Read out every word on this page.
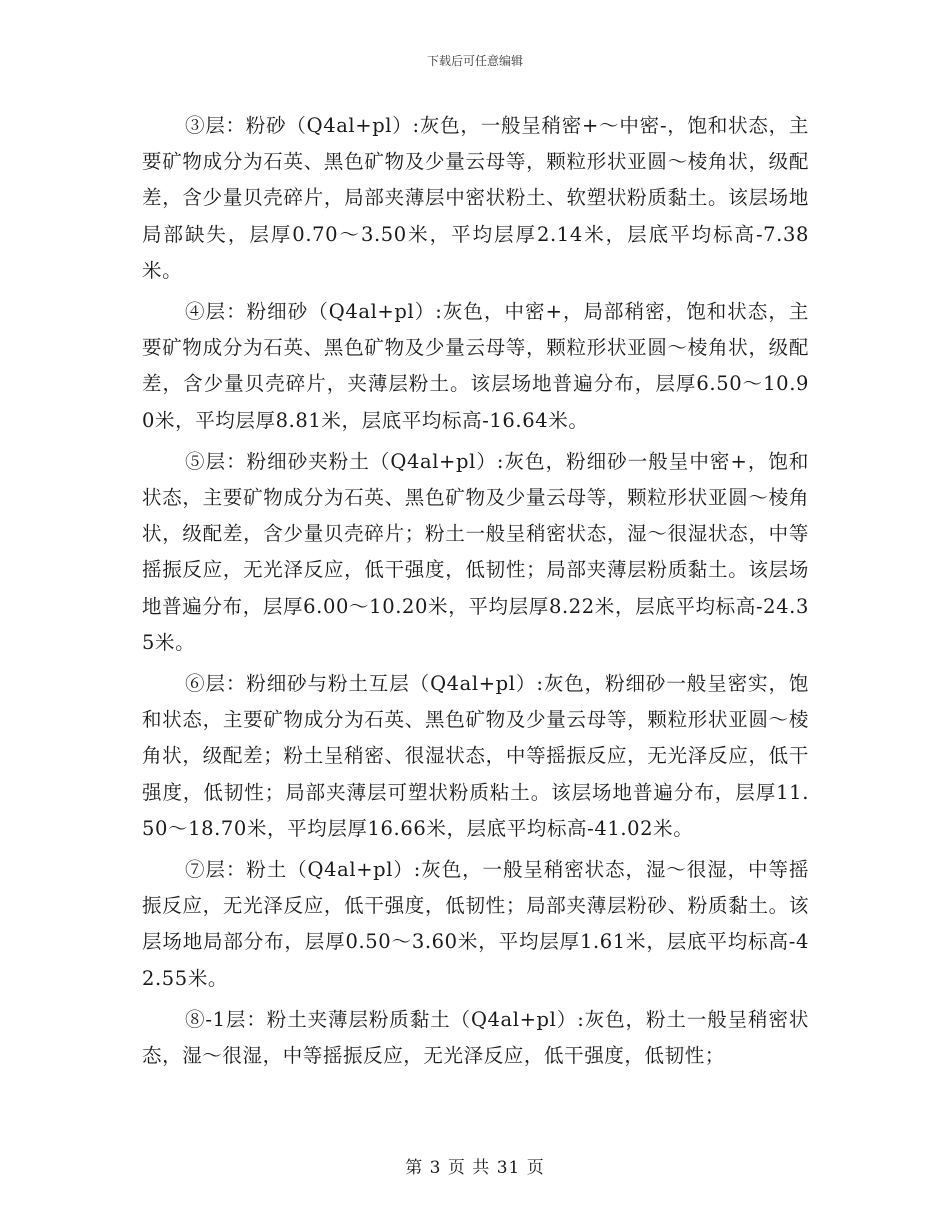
下载后可任意编辑

③层：粉砂（Q4al+pl）:灰色，一般呈稍密+～中密-，饱和状态，主要矿物成分为石英、黑色矿物及少量云母等，颗粒形状亚圆～棱角状，级配差，含少量贝壳碎片，局部夹薄层中密状粉土、软塑状粉质黏土。该层场地局部缺失，层厚0.70～3.50米，平均层厚2.14米，层底平均标高-7.38米。

④层：粉细砂（Q4al+pl）:灰色，中密+，局部稍密，饱和状态，主要矿物成分为石英、黑色矿物及少量云母等，颗粒形状亚圆～棱角状，级配差，含少量贝壳碎片，夹薄层粉土。该层场地普遍分布，层厚6.50～10.90米，平均层厚8.81米，层底平均标高-16.64米。

⑤层：粉细砂夹粉土（Q4al+pl）:灰色，粉细砂一般呈中密+，饱和状态，主要矿物成分为石英、黑色矿物及少量云母等，颗粒形状亚圆～棱角状，级配差，含少量贝壳碎片；粉土一般呈稍密状态，湿～很湿状态，中等摇振反应，无光泽反应，低干强度，低韧性；局部夹薄层粉质黏土。该层场地普遍分布，层厚6.00～10.20米，平均层厚8.22米，层底平均标高-24.35米。

⑥层：粉细砂与粉土互层（Q4al+pl）:灰色，粉细砂一般呈密实，饱和状态，主要矿物成分为石英、黑色矿物及少量云母等，颗粒形状亚圆～棱角状，级配差；粉土呈稍密、很湿状态，中等摇振反应，无光泽反应，低干强度，低韧性；局部夹薄层可塑状粉质粘土。该层场地普遍分布，层厚11.50～18.70米，平均层厚16.66米，层底平均标高-41.02米。

⑦层：粉土（Q4al+pl）:灰色，一般呈稍密状态，湿～很湿，中等摇振反应，无光泽反应，低干强度，低韧性；局部夹薄层粉砂、粉质黏土。该层场地局部分布，层厚0.50～3.60米，平均层厚1.61米，层底平均标高-42.55米。

⑧-1层：粉土夹薄层粉质黏土（Q4al+pl）:灰色，粉土一般呈稍密状态，湿～很湿，中等摇振反应，无光泽反应，低干强度，低韧性；

第 3 页 共 31 页
